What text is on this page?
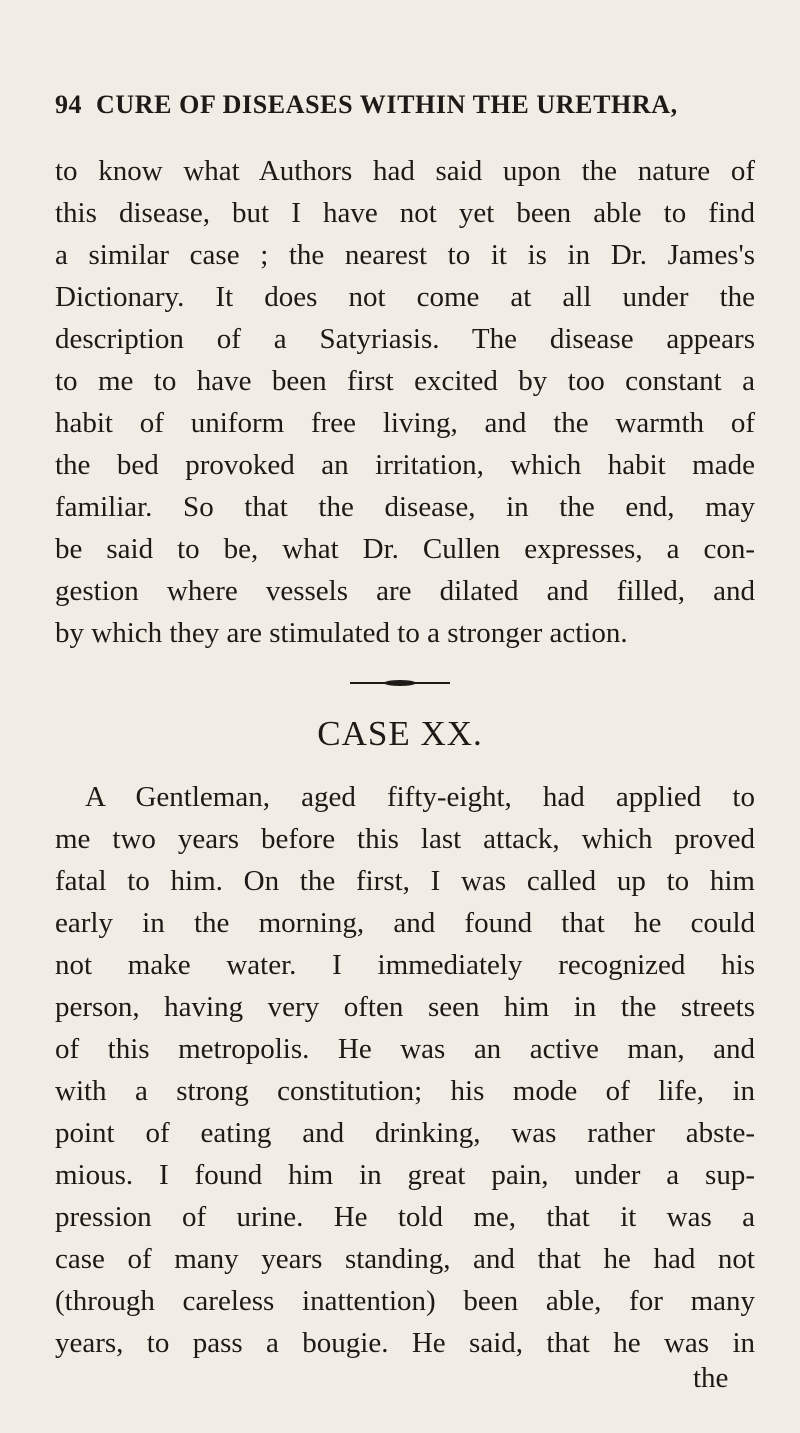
94 CURE OF DISEASES WITHIN THE URETHRA,
to know what Authors had said upon the nature of
this disease, but I have not yet been able to find
a similar case ; the nearest to it is in Dr. James's
Dictionary. It does not come at all under the
description of a Satyriasis. The disease appears
to me to have been first excited by too constant a
habit of uniform free living, and the warmth of
the bed provoked an irritation, which habit made
familiar. So that the disease, in the end, may
be said to be, what Dr. Cullen expresses, a con-
gestion where vessels are dilated and filled, and
by which they are stimulated to a stronger action.
CASE XX.
A Gentleman, aged fifty-eight, had applied to
me two years before this last attack, which proved
fatal to him. On the first, I was called up to him
early in the morning, and found that he could
not make water. I immediately recognized his
person, having very often seen him in the streets
of this metropolis. He was an active man, and
with a strong constitution; his mode of life, in
point of eating and drinking, was rather abste-
mious. I found him in great pain, under a sup-
pression of urine. He told me, that it was a
case of many years standing, and that he had not
(through careless inattention) been able, for many
years, to pass a bougie. He said, that he was in
the
